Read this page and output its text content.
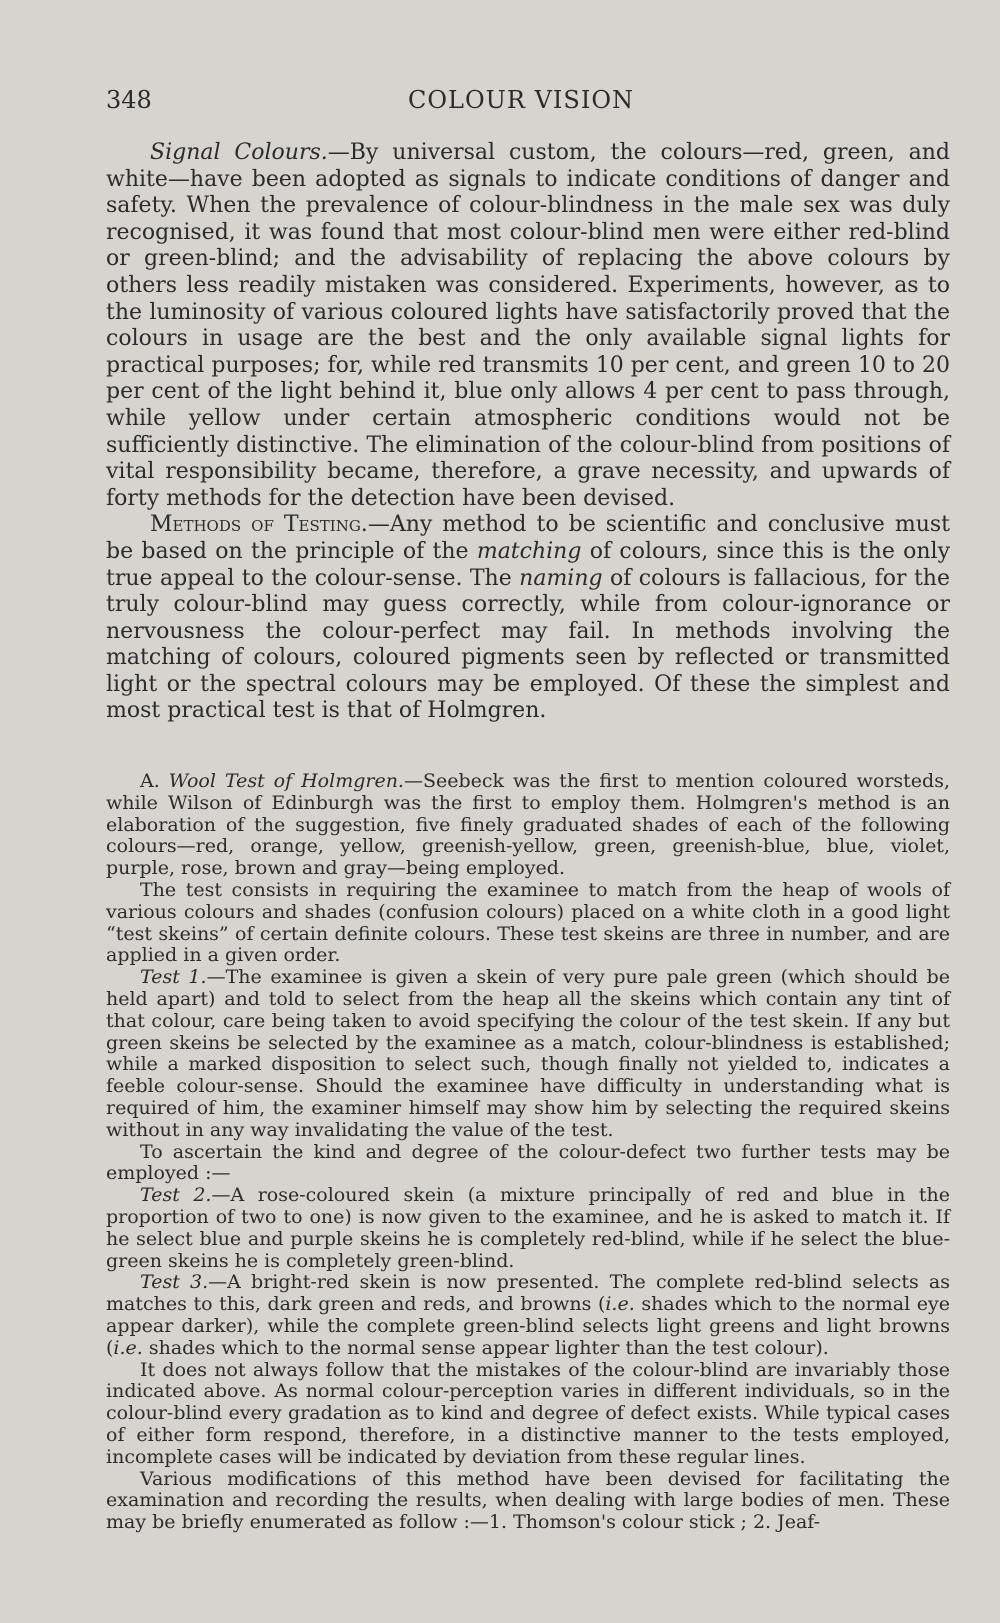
348	COLOUR VISION

Signal Colours.—By universal custom, the colours—red, green, and white—have been adopted as signals to indicate conditions of danger and safety. When the prevalence of colour-blindness in the male sex was duly recognised, it was found that most colour-blind men were either red-blind or green-blind; and the advisability of replacing the above colours by others less readily mistaken was considered. Experiments, however, as to the luminosity of various coloured lights have satisfactorily proved that the colours in usage are the best and the only available signal lights for practical purposes; for, while red transmits 10 per cent, and green 10 to 20 per cent of the light behind it, blue only allows 4 per cent to pass through, while yellow under certain atmospheric conditions would not be sufficiently distinctive. The elimination of the colour-blind from positions of vital responsibility became, therefore, a grave necessity, and upwards of forty methods for the detection have been devised.

Methods of Testing.—Any method to be scientific and conclusive must be based on the principle of the matching of colours, since this is the only true appeal to the colour-sense. The naming of colours is fallacious, for the truly colour-blind may guess correctly, while from colour-ignorance or nervousness the colour-perfect may fail. In methods involving the matching of colours, coloured pigments seen by reflected or transmitted light or the spectral colours may be employed. Of these the simplest and most practical test is that of Holmgren.

A. Wool Test of Holmgren.—Seebeck was the first to mention coloured worsteds, while Wilson of Edinburgh was the first to employ them. Holmgren's method is an elaboration of the suggestion, five finely graduated shades of each of the following colours—red, orange, yellow, greenish-yellow, green, greenish-blue, blue, violet, purple, rose, brown and gray—being employed.

The test consists in requiring the examinee to match from the heap of wools of various colours and shades (confusion colours) placed on a white cloth in a good light “test skeins” of certain definite colours. These test skeins are three in number, and are applied in a given order.

Test 1.—The examinee is given a skein of very pure pale green (which should be held apart) and told to select from the heap all the skeins which contain any tint of that colour, care being taken to avoid specifying the colour of the test skein. If any but green skeins be selected by the examinee as a match, colour-blindness is established; while a marked disposition to select such, though finally not yielded to, indicates a feeble colour-sense. Should the examinee have difficulty in understanding what is required of him, the examiner himself may show him by selecting the required skeins without in any way invalidating the value of the test.

To ascertain the kind and degree of the colour-defect two further tests may be employed :—

Test 2.—A rose-coloured skein (a mixture principally of red and blue in the proportion of two to one) is now given to the examinee, and he is asked to match it. If he select blue and purple skeins he is completely red-blind, while if he select the blue-green skeins he is completely green-blind.

Test 3.—A bright-red skein is now presented. The complete red-blind selects as matches to this, dark green and reds, and browns (i.e. shades which to the normal eye appear darker), while the complete green-blind selects light greens and light browns (i.e. shades which to the normal sense appear lighter than the test colour).

It does not always follow that the mistakes of the colour-blind are invariably those indicated above. As normal colour-perception varies in different individuals, so in the colour-blind every gradation as to kind and degree of defect exists. While typical cases of either form respond, therefore, in a distinctive manner to the tests employed, incomplete cases will be indicated by deviation from these regular lines.

Various modifications of this method have been devised for facilitating the examination and recording the results, when dealing with large bodies of men. These may be briefly enumerated as follow :—1. Thomson's colour stick ; 2. Jeaf-
